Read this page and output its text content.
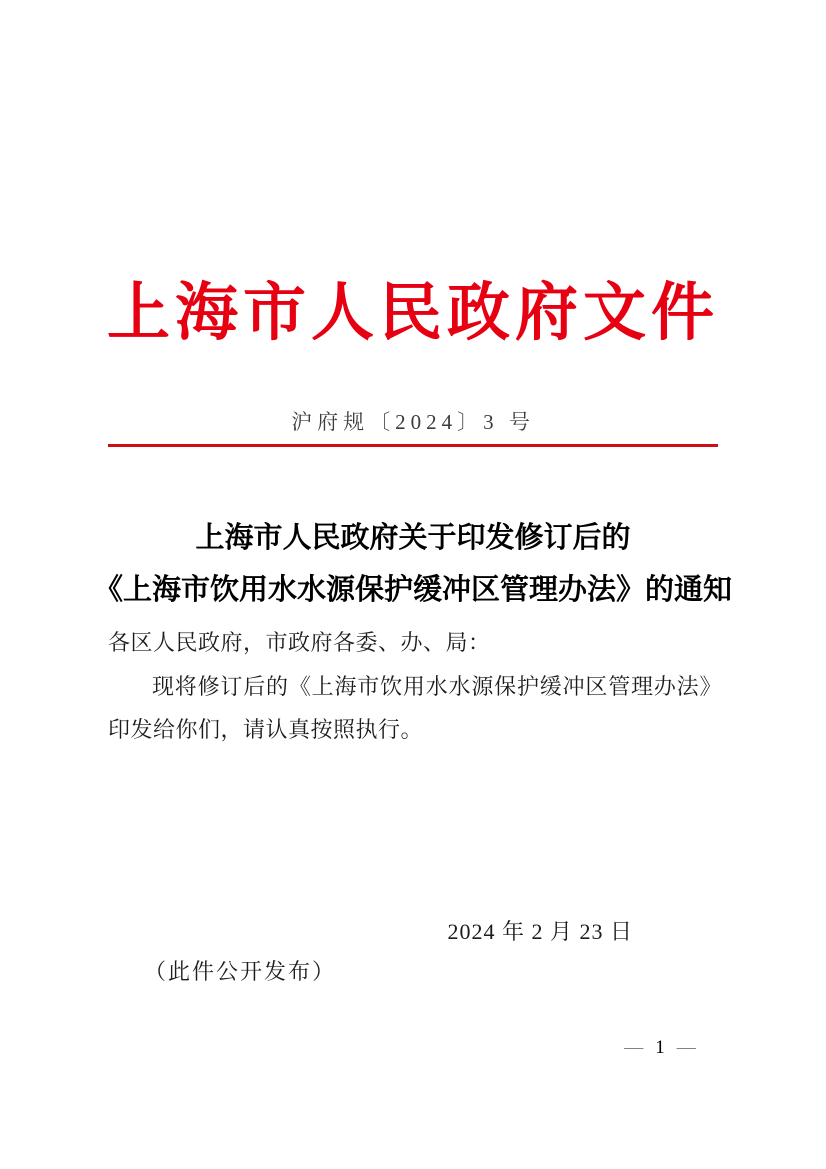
上海市人民政府文件
沪府规〔2024〕3 号
上海市人民政府关于印发修订后的
《上海市饮用水水源保护缓冲区管理办法》的通知

各区人民政府，市政府各委、办、局：

现将修订后的《上海市饮用水水源保护缓冲区管理办法》印发给你们，请认真按照执行。

2024 年 2 月 23 日
（此件公开发布）
— 1 —
